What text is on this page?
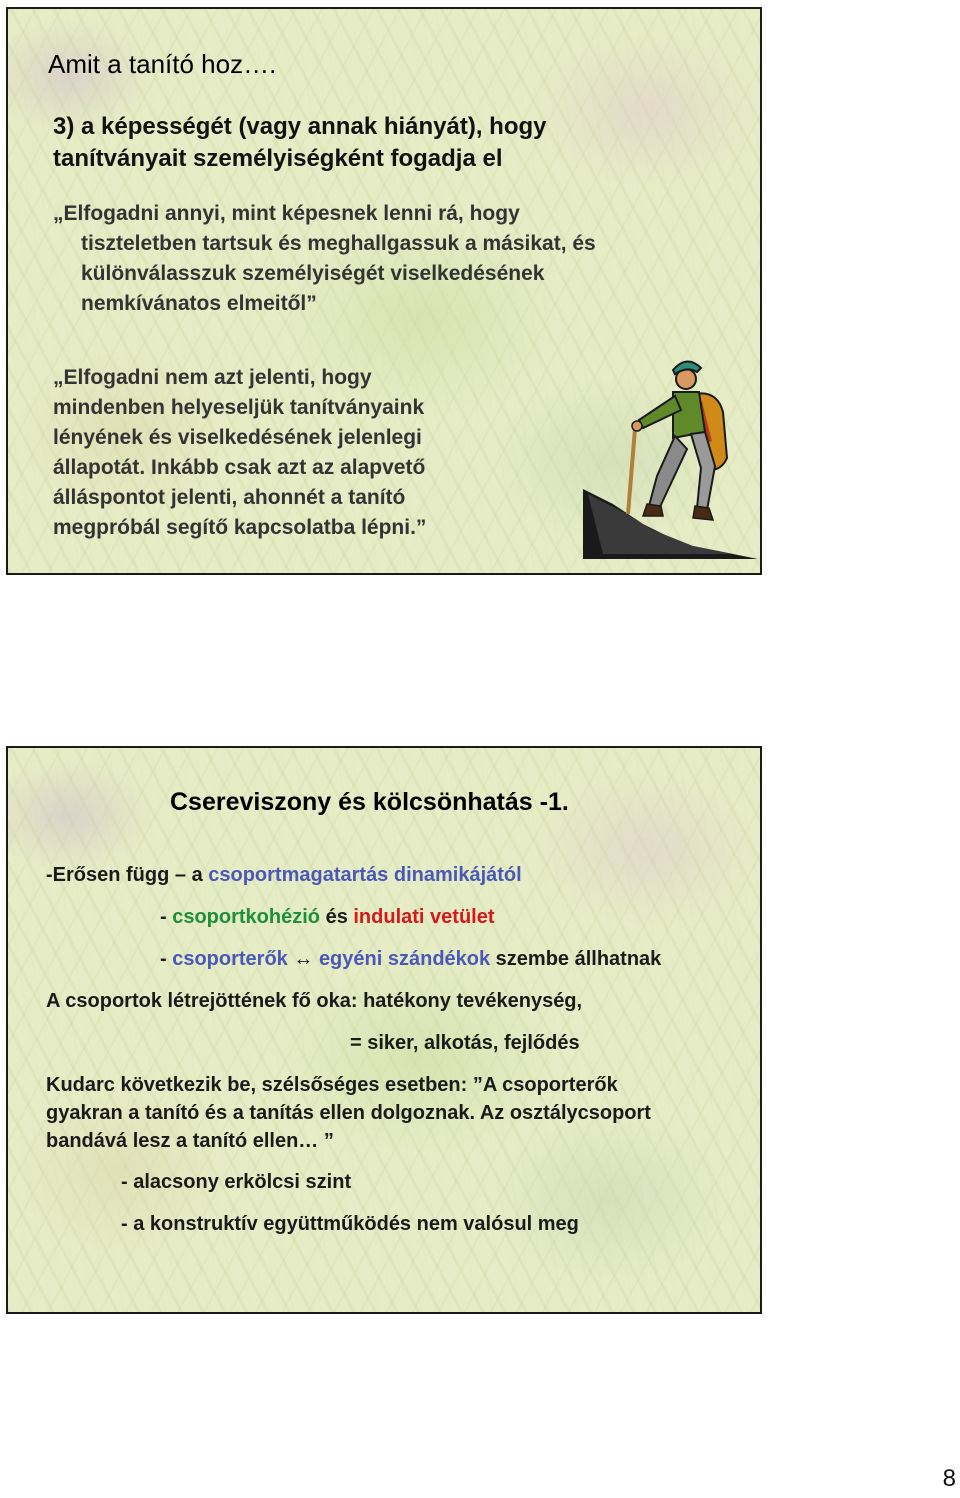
Amit a tanító hoz….
3) a képességét (vagy annak hiányát), hogy
tanítványait személyiségként fogadja el
„Elfogadni annyi, mint képesnek lenni rá, hogy
tiszteletben tartsuk és meghallgassuk a másikat, és
különválasszuk személyiségét viselkedésének
nemkívánatos elmeitől”
„Elfogadni nem azt jelenti, hogy
mindenben helyeseljük tanítványaink
lényének és viselkedésének jelenlegi
állapotát. Inkább csak azt az alapvető
álláspontot jelenti, ahonnét a tanító
megpróbál segítő kapcsolatba lépni.”
Csereviszony és kölcsönhatás -1.
-Erősen függ – a csoportmagatartás dinamikájától
- csoportkohézió és indulati vetület
- csoporterők ↔ egyéni szándékok szembe állhatnak
A csoportok létrejöttének fő oka: hatékony tevékenység,
= siker, alkotás, fejlődés
Kudarc következik be, szélsőséges esetben: ”A csoporterők
gyakran a tanító és a tanítás ellen dolgoznak. Az osztálycsoport
bandává lesz a tanító ellen… ”
- alacsony erkölcsi szint
- a konstruktív együttműködés nem valósul meg
8
